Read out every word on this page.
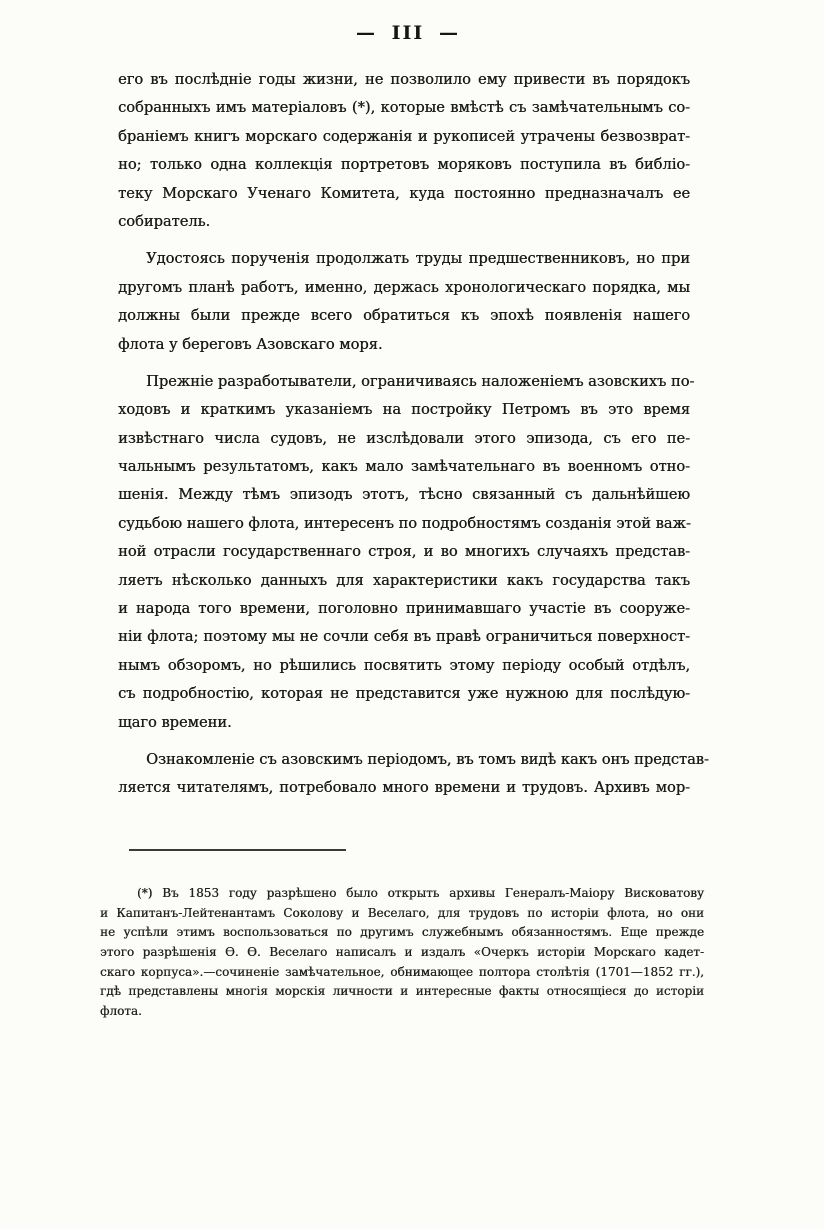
— III —
его въ послѣдніе годы жизни, не позволило ему привести въ порядокъ
собранныхъ имъ матеріаловъ (*), которые вмѣстѣ съ замѣчательнымъ со-
браніемъ книгъ морскаго содержанія и рукописей утрачены безвозврат-
но; только одна коллекція портретовъ моряковъ поступила въ библіо-
теку Морскаго Ученаго Комитета, куда постоянно предназначалъ ее
собиратель.
Удостоясь порученія продолжать труды предшественниковъ, но при
другомъ планѣ работъ, именно, держась хронологическаго порядка, мы
должны были прежде всего обратиться къ эпохѣ появленія нашего
флота у береговъ Азовскаго моря.
Прежніе разработыватели, ограничиваясь наложеніемъ азовскихъ по-
ходовъ и краткимъ указаніемъ на постройку Петромъ въ это время
извѣстнаго числа судовъ, не изслѣдовали этого эпизода, съ его пе-
чальнымъ результатомъ, какъ мало замѣчательнаго въ военномъ отно-
шенія. Между тѣмъ эпизодъ этотъ, тѣсно связанный съ дальнѣйшею
судьбою нашего флота, интересенъ по подробностямъ созданія этой важ-
ной отрасли государственнаго строя, и во многихъ случаяхъ представ-
ляетъ нѣсколько данныхъ для характеристики какъ государства такъ
и народа того времени, поголовно принимавшаго участіе въ сооруже-
ніи флота; поэтому мы не сочли себя въ правѣ ограничиться поверхност-
нымъ обзоромъ, но рѣшились посвятить этому періоду особый отдѣлъ,
съ подробностію, которая не представится уже нужною для послѣдую-
щаго времени.
Ознакомленіе съ азовскимъ періодомъ, въ томъ видѣ какъ онъ представ-
ляется читателямъ, потребовало много времени и трудовъ. Архивъ мор-
(*) Въ 1853 году разрѣшено было открыть архивы Генералъ-Маіору Висковатову
и Капитанъ-Лейтенантамъ Соколову и Веселаго, для трудовъ по исторіи флота, но они
не успѣли этимъ воспользоваться по другимъ служебнымъ обязанностямъ. Еще прежде
этого разрѣшенія Ѳ. Ѳ. Веселаго написалъ и издалъ «Очеркъ исторіи Морскаго кадет-
скаго корпуса».—сочиненіе замѣчательное, обнимающее полтора столѣтія (1701—1852 гг.),
гдѣ представлены многія морскія личности и интересные факты относящіеся до исторіи
флота.
